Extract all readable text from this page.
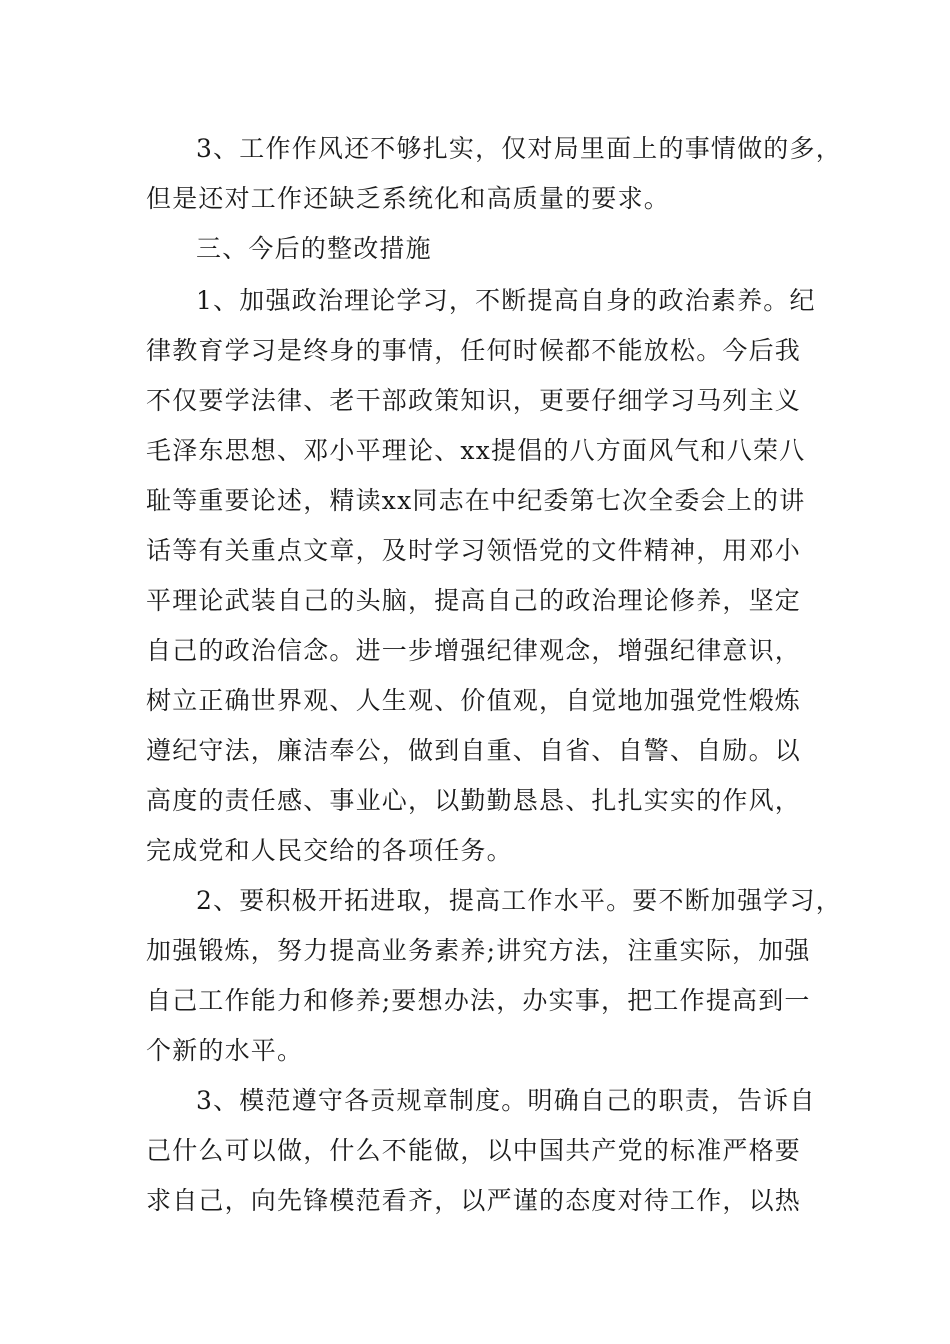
3、工作作风还不够扎实，仅对局里面上的事情做的多，
但是还对工作还缺乏系统化和高质量的要求。
三、今后的整改措施
1、加强政治理论学习，不断提高自身的政治素养。纪
律教育学习是终身的事情，任何时候都不能放松。今后我
不仅要学法律、老干部政策知识，更要仔细学习马列主义
毛泽东思想、邓小平理论、xx提倡的八方面风气和八荣八
耻等重要论述，精读xx同志在中纪委第七次全委会上的讲
话等有关重点文章，及时学习领悟党的文件精神，用邓小
平理论武装自己的头脑，提高自己的政治理论修养，坚定
自己的政治信念。进一步增强纪律观念，增强纪律意识，
树立正确世界观、人生观、价值观，自觉地加强党性煅炼
遵纪守法，廉洁奉公，做到自重、自省、自警、自励。以
高度的责任感、事业心，以勤勤恳恳、扎扎实实的作风，
完成党和人民交给的各项任务。
2、要积极开拓进取，提高工作水平。要不断加强学习，
加强锻炼，努力提高业务素养;讲究方法，注重实际，加强
自己工作能力和修养;要想办法，办实事，把工作提高到一
个新的水平。
3、模范遵守各贡规章制度。明确自己的职责，告诉自
己什么可以做，什么不能做，以中国共产党的标准严格要
求自己，向先锋模范看齐，以严谨的态度对待工作，以热
